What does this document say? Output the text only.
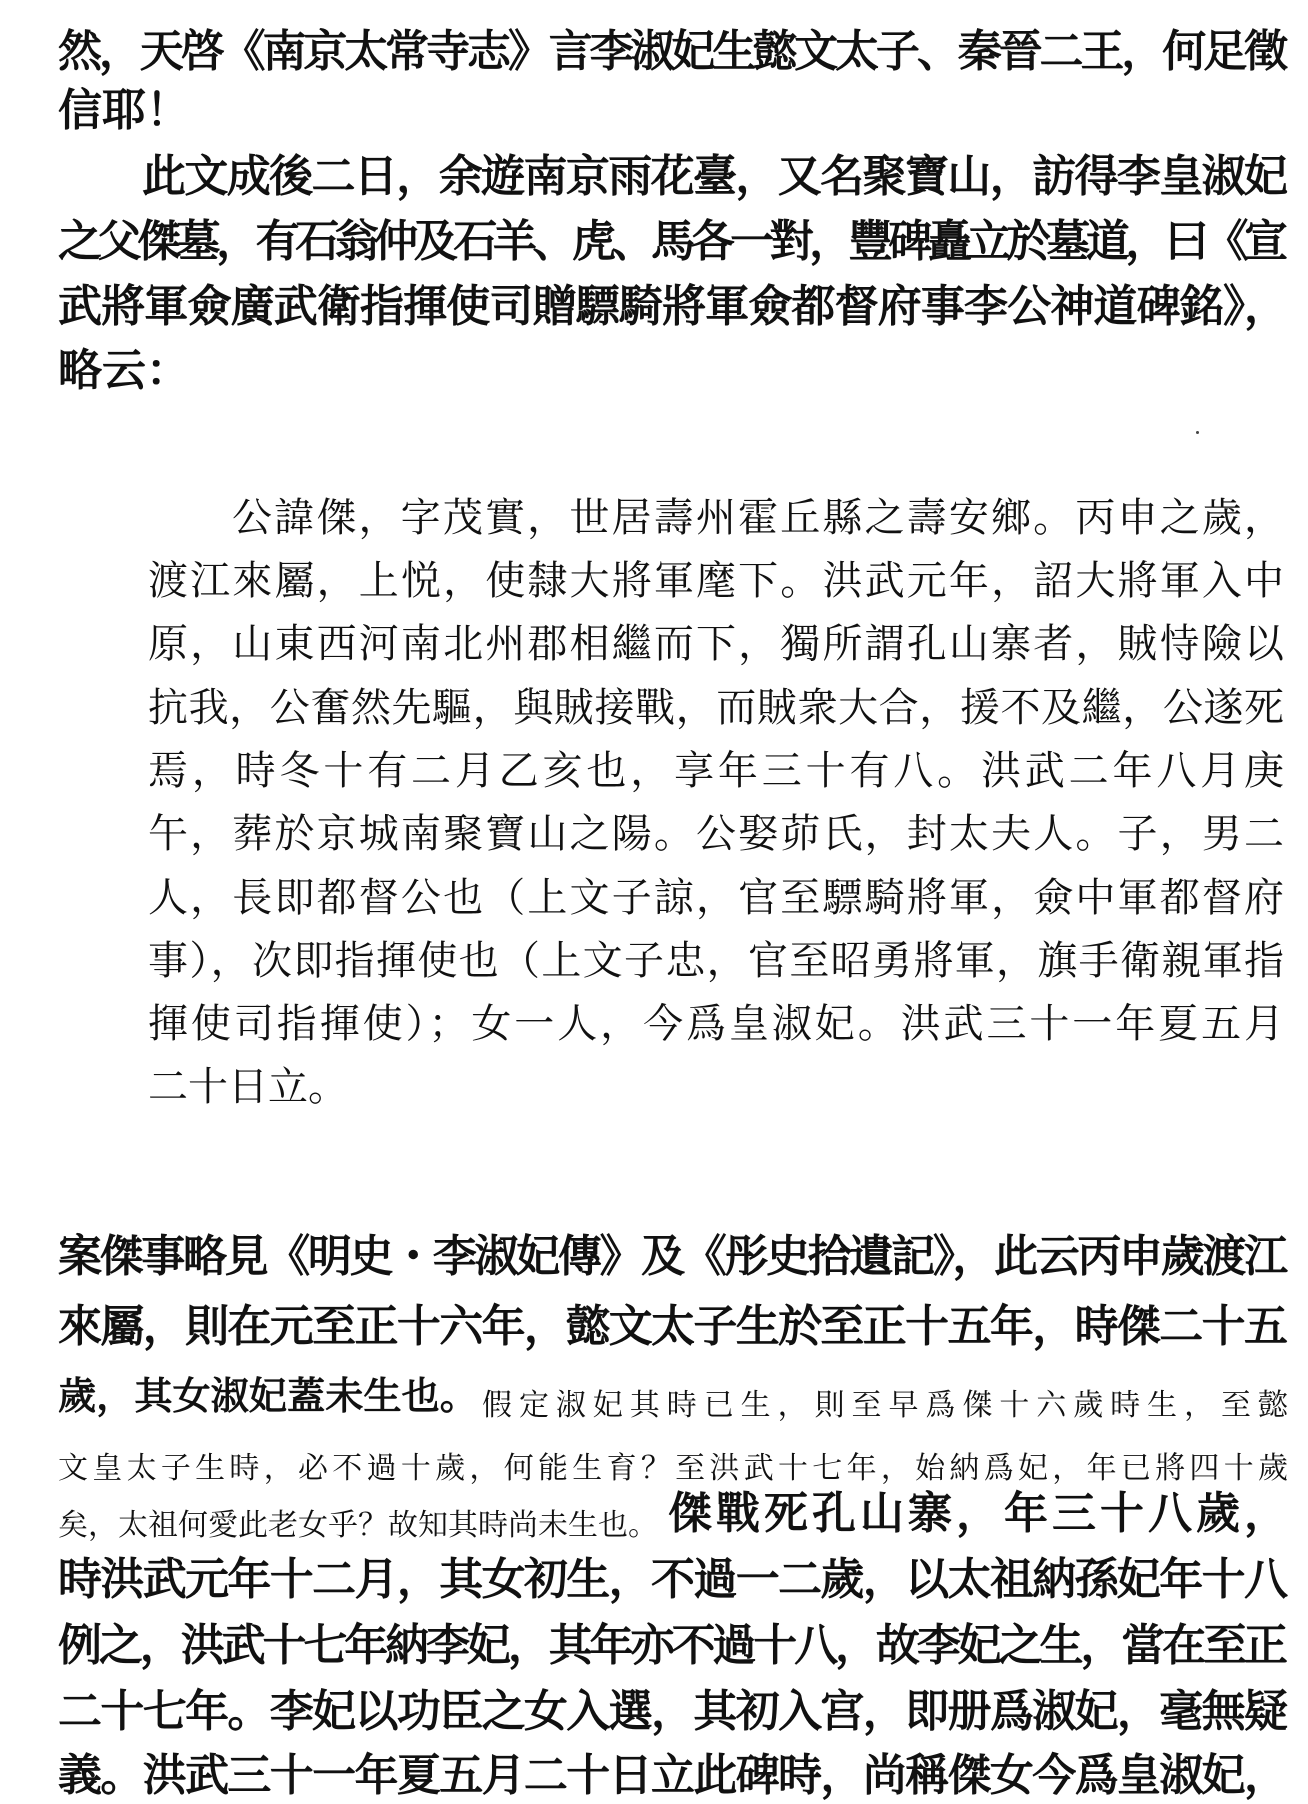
然，天啓《南京太常寺志》言李淑妃生懿文太子、秦晉二王，何足徵
信耶！
此文成後二日，余遊南京雨花臺，又名聚寶山，訪得李皇淑妃
之父傑墓，有石翁仲及石羊、虎、馬各一對，豐碑矗立於墓道，曰《宣
武將軍僉廣武衛指揮使司贈驃騎將軍僉都督府事李公神道碑銘》，
略云：
公諱傑，字茂實，世居壽州霍丘縣之壽安鄉。丙申之歲，
渡江來屬，上悦，使隸大將軍麾下。洪武元年，詔大將軍入中
原，山東西河南北州郡相繼而下，獨所謂孔山寨者，賊恃險以
抗我，公奮然先驅，與賊接戰，而賊衆大合，援不及繼，公遂死
焉，時冬十有二月乙亥也，享年三十有八。洪武二年八月庚
午，葬於京城南聚寶山之陽。公娶茆氏，封太夫人。子，男二
人，長即都督公也（上文子諒，官至驃騎將軍，僉中軍都督府
事），次即指揮使也（上文子忠，官至昭勇將軍，旗手衛親軍指
揮使司指揮使）；女一人，今爲皇淑妃。洪武三十一年夏五月
二十日立。
案傑事略見《明史・李淑妃傳》及《彤史拾遺記》，此云丙申歲渡江
來屬，則在元至正十六年，懿文太子生於至正十五年，時傑二十五
歲，其女淑妃蓋未生也。 假定淑妃其時已生，則至早爲傑十六歲時生，至懿
文皇太子生時，必不過十歲，何能生育？至洪武十七年，始納爲妃，年已將四十歲
矣，太祖何愛此老女乎？故知其時尚未生也。 傑戰死孔山寨，年三十八歲，
時洪武元年十二月，其女初生，不過一二歲，以太祖納孫妃年十八
例之，洪武十七年納李妃，其年亦不過十八，故李妃之生，當在至正
二十七年。李妃以功臣之女入選，其初入宫，即册爲淑妃，毫無疑
義。洪武三十一年夏五月二十日立此碑時，尚稱傑女今爲皇淑妃，
